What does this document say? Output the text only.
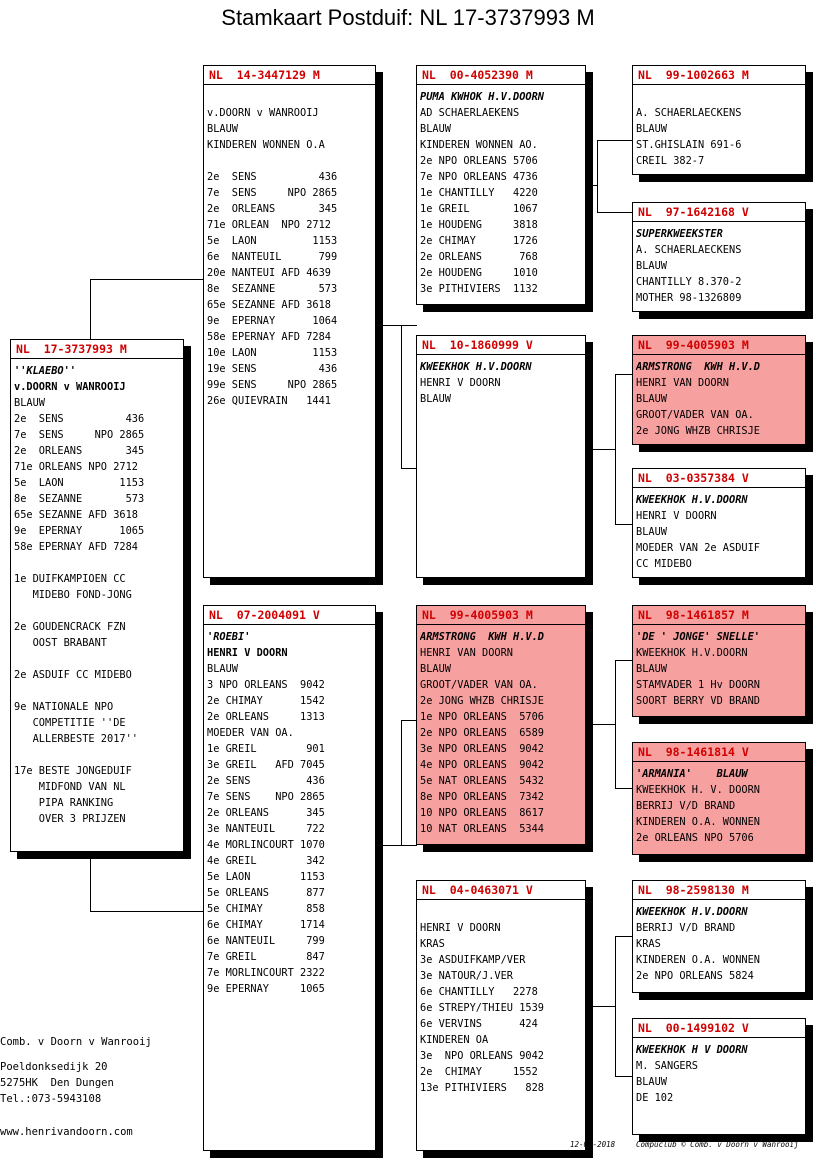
Stamkaart Postduif: NL 17-3737993 M
NL  17-3737993 M
''KLAEBO''
v.DOORN v WANROOIJ
BLAUW
2e  SENS          436
7e  SENS     NPO 2865
2e  ORLEANS       345
71e ORLEANS NPO 2712
5e  LAON         1153
8e  SEZANNE       573
65e SEZANNE AFD 3618
9e  EPERNAY      1065
58e EPERNAY AFD 7284
1e DUIFKAMPIOEN CC
MIDEBO FOND-JONG
2e GOUDENCRACK FZN
OOST BRABANT
2e ASDUIF CC MIDEBO
9e NATIONALE NPO
COMPETITIE ''DE
ALLERBESTE 2017''
17e BESTE JONGEDUIF
MIDFOND VAN NL
PIPA RANKING
OVER 3 PRIJZEN
NL  14-3447129 M
v.DOORN v WANROOIJ
BLAUW
KINDEREN WONNEN O.A
2e  SENS          436
7e  SENS     NPO 2865
2e  ORLEANS       345
71e ORLEAN  NPO 2712
5e  LAON         1153
6e  NANTEUIL      799
20e NANTEUI AFD 4639
8e  SEZANNE       573
65e SEZANNE AFD 3618
9e  EPERNAY      1064
58e EPERNAY AFD 7284
10e LAON         1153
19e SENS          436
99e SENS     NPO 2865
26e QUIEVRAIN   1441
NL  07-2004091 V
'ROEBI'
HENRI V DOORN
BLAUW
3 NPO ORLEANS  9042
2e CHIMAY      1542
2e ORLEANS     1313
MOEDER VAN OA.
1e GREIL        901
3e GREIL   AFD 7045
2e SENS         436
7e SENS    NPO 2865
2e ORLEANS      345
3e NANTEUIL     722
4e MORLINCOURT 1070
4e GREIL        342
5e LAON        1153
5e ORLEANS      877
5e CHIMAY       858
6e CHIMAY      1714
6e NANTEUIL     799
7e GREIL        847
7e MORLINCOURT 2322
9e EPERNAY     1065
NL  00-4052390 M
PUMA KWHOK H.V.DOORN
AD SCHAERLAEKENS
BLAUW
KINDEREN WONNEN AO.
2e NPO ORLEANS 5706
7e NPO ORLEANS 4736
1e CHANTILLY   4220
1e GREIL       1067
1e HOUDENG     3818
2e CHIMAY      1726
2e ORLEANS      768
2e HOUDENG     1010
3e PITHIVIERS  1132
NL  10-1860999 V
KWEEKHOK H.V.DOORN
HENRI V DOORN
BLAUW
NL  99-4005903 M
ARMSTRONG  KWH H.V.D
HENRI VAN DOORN
BLAUW
GROOT/VADER VAN OA.
2e JONG WHZB CHRISJE
1e NPO ORLEANS  5706
2e NPO ORLEANS  6589
3e NPO ORLEANS  9042
4e NPO ORLEANS  9042
5e NAT ORLEANS  5432
8e NPO ORLEANS  7342
10 NPO ORLEANS  8617
10 NAT ORLEANS  5344
NL  04-0463071 V
HENRI V DOORN
KRAS
3e ASDUIFKAMP/VER
3e NATOUR/J.VER
6e CHANTILLY   2278
6e STREPY/THIEU 1539
6e VERVINS      424
KINDEREN OA
3e  NPO ORLEANS 9042
2e  CHIMAY     1552
13e PITHIVIERS   828
NL  99-1002663 M
A. SCHAERLAECKENS
BLAUW
ST.GHISLAIN 691-6
CREIL 382-7
NL  97-1642168 V
SUPERKWEEKSTER
A. SCHAERLAECKENS
BLAUW
CHANTILLY 8.370-2
MOTHER 98-1326809
NL  99-4005903 M
ARMSTRONG  KWH H.V.D
HENRI VAN DOORN
BLAUW
GROOT/VADER VAN OA.
2e JONG WHZB CHRISJE
NL  03-0357384 V
KWEEKHOK H.V.DOORN
HENRI V DOORN
BLAUW
MOEDER VAN 2e ASDUIF
CC MIDEBO
NL  98-1461857 M
'DE ' JONGE' SNELLE'
KWEEKHOK H.V.DOORN
BLAUW
STAMVADER 1 Hv DOORN
SOORT BERRY VD BRAND
NL  98-1461814 V
'ARMANIA'    BLAUW
KWEEKHOK H. V. DOORN
BERRIJ V/D BRAND
KINDEREN O.A. WONNEN
2e ORLEANS NPO 5706
NL  98-2598130 M
KWEEKHOK H.V.DOORN
BERRIJ V/D BRAND
KRAS
KINDEREN O.A. WONNEN
2e NPO ORLEANS 5824
NL  00-1499102 V
KWEEKHOK H V DOORN
M. SANGERS
BLAUW
DE 102
Comb. v Doorn v Wanrooij
Poeldonksedijk 20
5275HK  Den Dungen
Tel.:073-5943108
www.henrivandoorn.com
12-03-2018	Compuclub © Comb. v Doorn v Wanrooij
